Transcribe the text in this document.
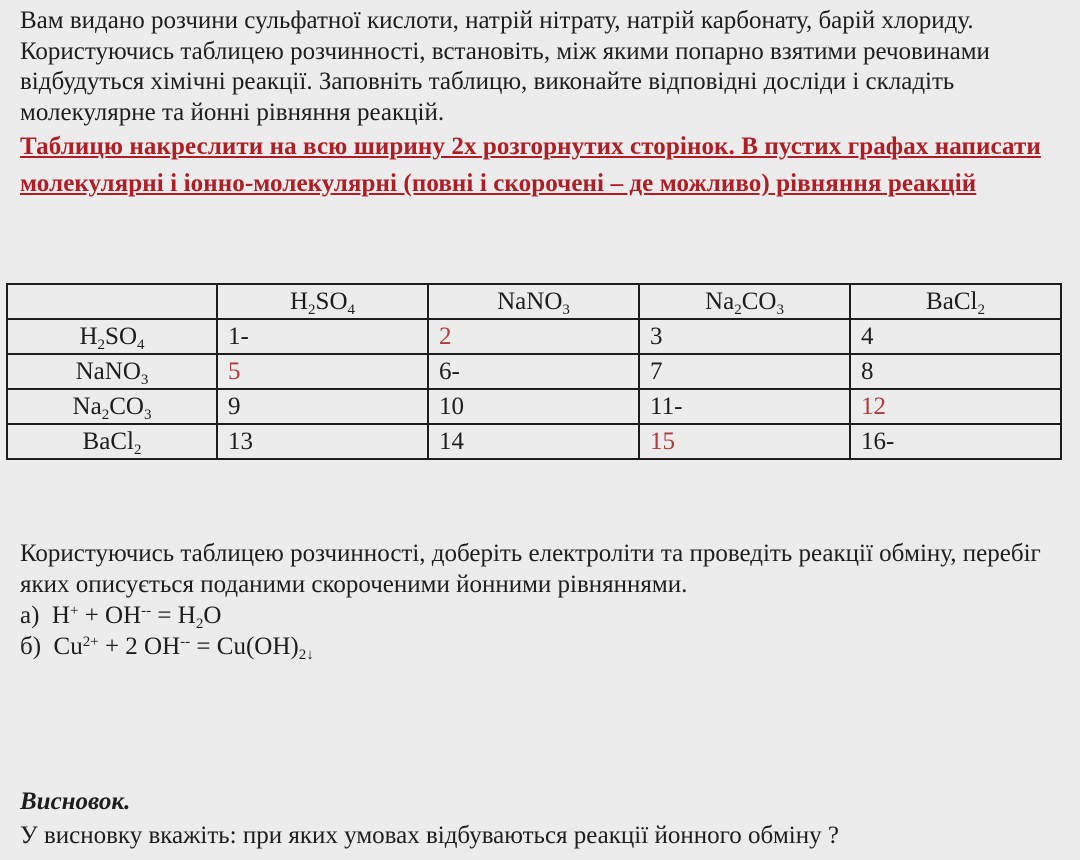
Вам видано розчини сульфатної кислоти, натрій нітрату, натрій карбонату, барій хлориду. Користуючись таблицею розчинності, встановіть, між якими попарно взятими речовинами відбудуться хімічні реакції. Заповніть таблицю, виконайте відповідні досліди і складіть молекулярне та йонні рівняння реакцій.

Таблицю накреслити на всю ширину 2х розгорнутих сторінок. В пустих графах написати молекулярні і іонно-молекулярні (повні і скорочені – де можливо) рівняння реакцій

	$H_2SO_4$	NaNO$_3$	$Na_2CO_3$	BaCl$_2$
$H_2SO_4$	1-	2	3	4
NaNO$_3$	5	6-	7	8
$Na_2CO_3$	9	10	11-	12
BaCl$_2$	13	14	15	16-

Користуючись таблицею розчинності, доберіть електроліти та проведіть реакції обміну, перебіг яких описується поданими скороченими йонними рівняннями.

а) $H^+ + OH^{--} = H_2O$

б) $Cu^{2+} + 2$ $OH^{--} = Cu(OH)_{2↓}$

Висновок.
У висновку вкажіть: при яких умовах відбуваються реакції йонного обміну ?
